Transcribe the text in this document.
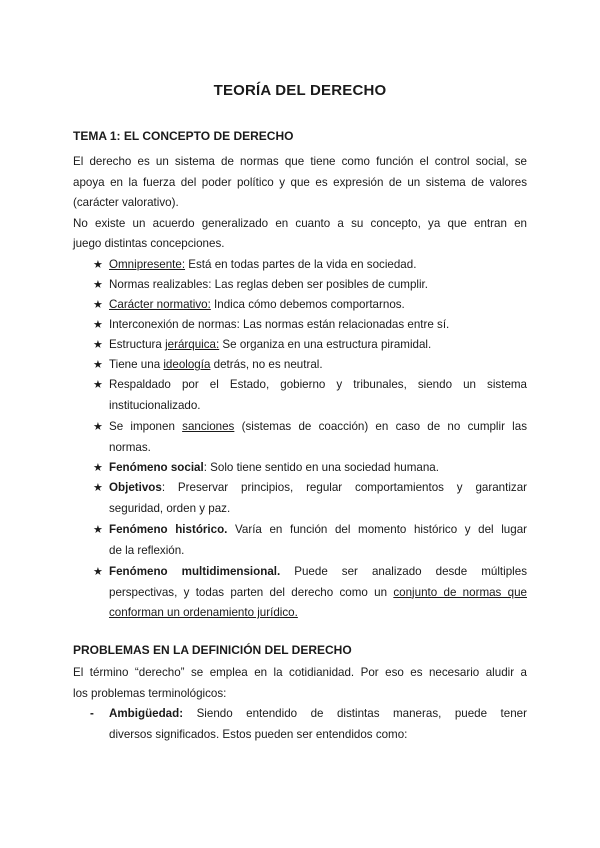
TEORÍA DEL DERECHO
TEMA 1: EL CONCEPTO DE DERECHO
El derecho es un sistema de normas que tiene como función el control social, se
apoya en la fuerza del poder político y que es expresión de un sistema de valores
(carácter valorativo).
No existe un acuerdo generalizado en cuanto a su concepto, ya que entran en
juego distintas concepciones.
★ Omnipresente: Está en todas partes de la vida en sociedad.
★ Normas realizables: Las reglas deben ser posibles de cumplir.
★ Carácter normativo: Indica cómo debemos comportarnos.
★ Interconexión de normas: Las normas están relacionadas entre sí.
★ Estructura jerárquica: Se organiza en una estructura piramidal.
★ Tiene una ideología detrás, no es neutral.
★ Respaldado por el Estado, gobierno y tribunales, siendo un sistema
institucionalizado.
★ Se imponen sanciones (sistemas de coacción) en caso de no cumplir las
normas.
★ Fenómeno social: Solo tiene sentido en una sociedad humana.
★ Objetivos: Preservar principios, regular comportamientos y garantizar
seguridad, orden y paz.
★ Fenómeno histórico. Varía en función del momento histórico y del lugar
de la reflexión.
★ Fenómeno multidimensional. Puede ser analizado desde múltiples
perspectivas, y todas parten del derecho como un conjunto de normas que
conforman un ordenamiento jurídico.
PROBLEMAS EN LA DEFINICIÓN DEL DERECHO
El término “derecho” se emplea en la cotidianidad. Por eso es necesario aludir a
los problemas terminológicos:
- Ambigüedad: Siendo entendido de distintas maneras, puede tener
diversos significados. Estos pueden ser entendidos como:
